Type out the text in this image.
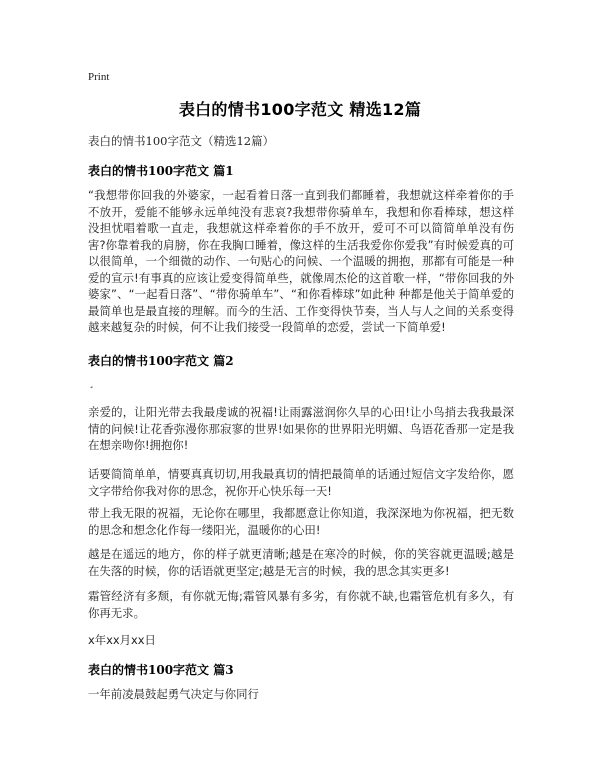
Print
表白的情书100字范文 精选12篇
表白的情书100字范文（精选12篇）
表白的情书100字范文 篇1

“我想带你回我的外婆家，一起看着日落一直到我们都睡着，我想就这样牵着你的手不放开，爱能不能够永远单纯没有悲哀?我想带你骑单车，我想和你看棒球，想这样没担忧唱着歌一直走，我想就这样牵着你的手不放开，爱可不可以简简单单没有伤害?你靠着我的肩膀，你在我胸口睡着，像这样的生活我爱你你爱我”有时候爱真的可以很简单，一个细微的动作、一句贴心的问候、一个温暖的拥抱，那都有可能是一种爱的宣示!有事真的应该让爱变得简单些，就像周杰伦的这首歌一样，“带你回我的外婆家”、“一起看日落”、“带你骑单车”、“和你看棒球”如此种 种都是他关于简单爱的最简单也是最直接的理解。而今的生活、工作变得快节奏，当人与人之间的关系变得越来越复杂的时候，何不让我们接受一段简单的恋爱，尝试一下简单爱!

表白的情书100字范文 篇2
¸

亲爱的，让阳光带去我最虔诚的祝福!让雨露滋润你久旱的心田!让小鸟捎去我我最深情的问候!让花香弥漫你那寂寥的世界!如果你的世界阳光明媚、鸟语花香那一定是我在想亲吻你!拥抱你!

话要简简单单，情要真真切切,用我最真切的情把最简单的话通过短信文字发给你，愿文字带给你我对你的思念，祝你开心快乐每一天!

带上我无限的祝福，无论你在哪里，我都愿意让你知道，我深深地为你祝福，把无数的思念和想念化作每一缕阳光，温暖你的心田!

越是在遥远的地方，你的样子就更清晰;越是在寒冷的时候，你的笑容就更温暖;越是在失落的时候，你的话语就更坚定;越是无言的时候，我的思念其实更多!

霜管经济有多颓，有你就无悔;霜管风暴有多劣，有你就不缺,也霜管危机有多久，有你再无求。

x年xx月xx日

表白的情书100字范文 篇3

一年前凌晨鼓起勇气决定与你同行
